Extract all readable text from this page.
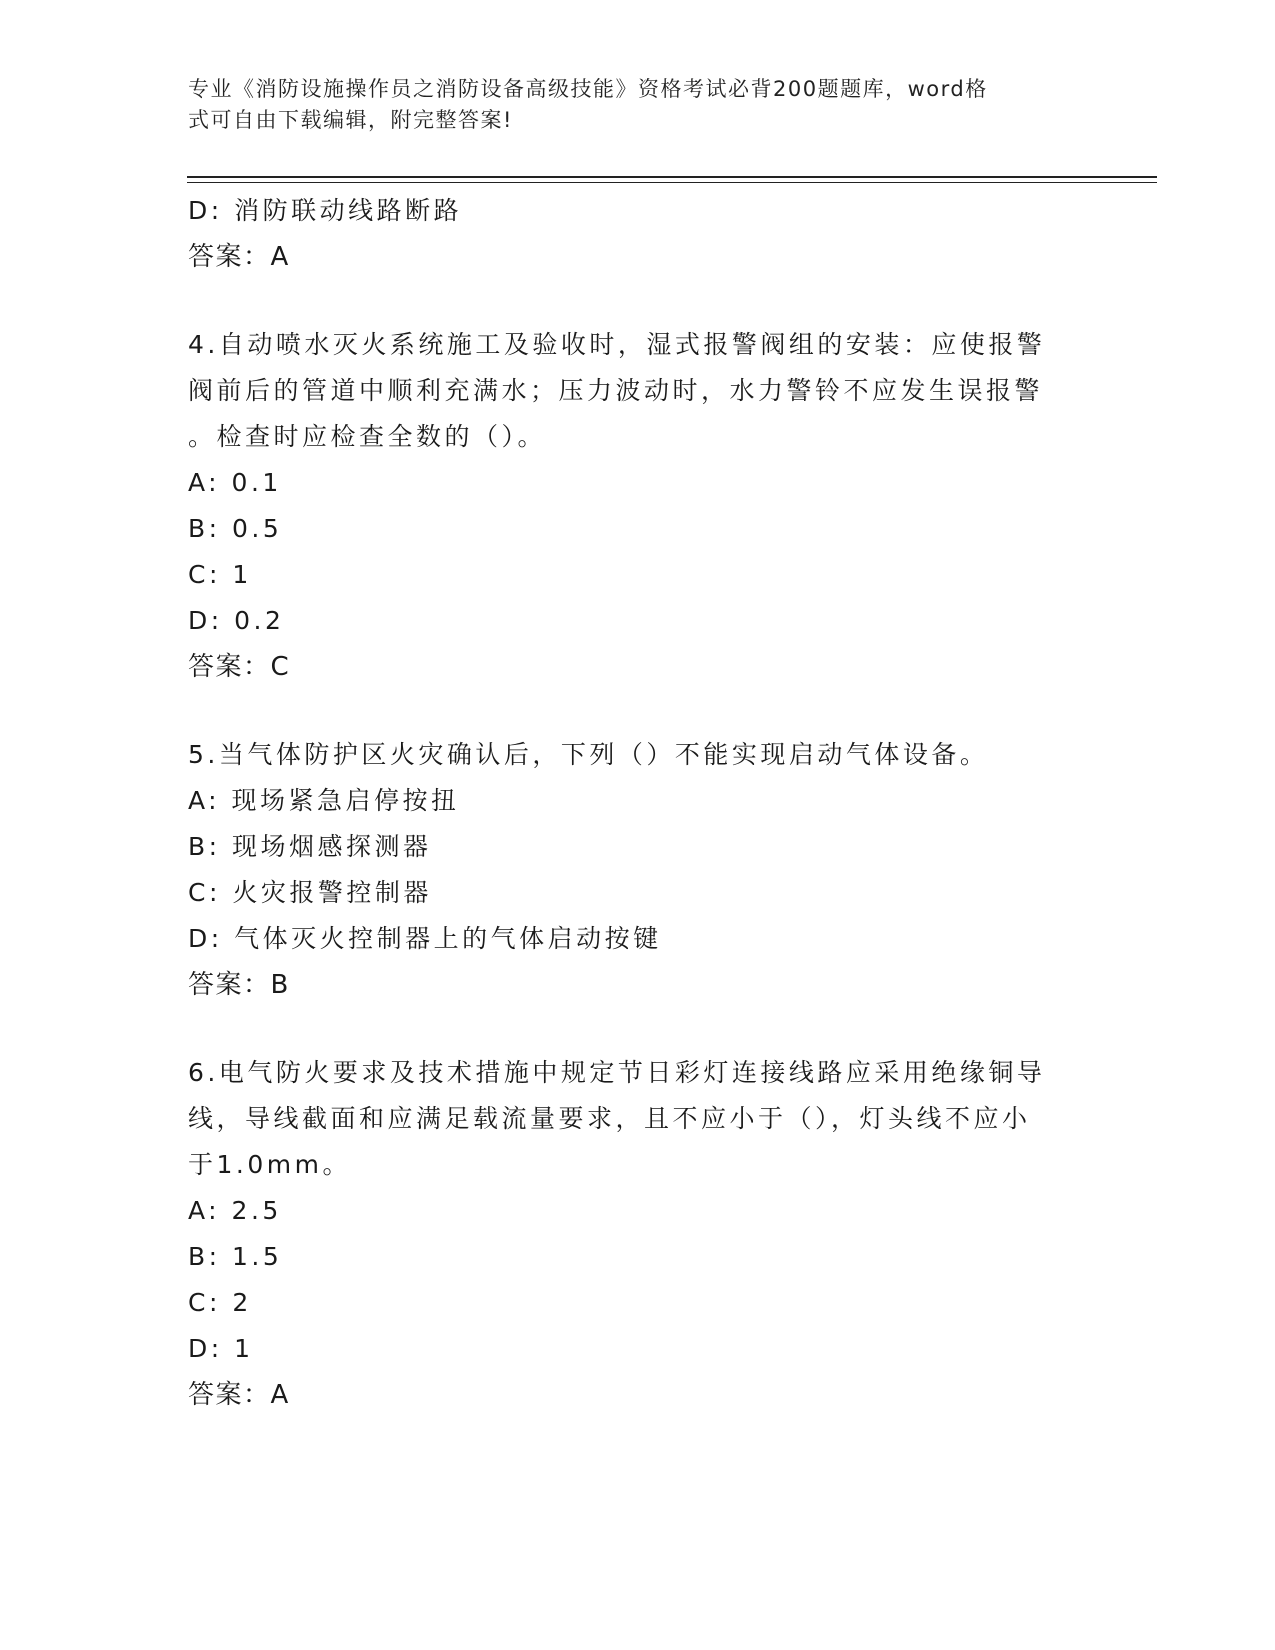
专业《消防设施操作员之消防设备高级技能》资格考试必背200题题库，word格
式可自由下载编辑，附完整答案!
D: 消防联动线路断路
答案：A
4.自动喷水灭火系统施工及验收时，湿式报警阀组的安装：应使报警
阀前后的管道中顺利充满水；压力波动时，水力警铃不应发生误报警
。检查时应检查全数的（）。
A: 0.1
B: 0.5
C: 1
D: 0.2
答案：C
5.当气体防护区火灾确认后，下列（）不能实现启动气体设备。
A: 现场紧急启停按扭
B: 现场烟感探测器
C: 火灾报警控制器
D: 气体灭火控制器上的气体启动按键
答案：B
6.电气防火要求及技术措施中规定节日彩灯连接线路应采用绝缘铜导
线，导线截面和应满足载流量要求，且不应小于（），灯头线不应小
于1.0mm。
A: 2.5
B: 1.5
C: 2
D: 1
答案：A
